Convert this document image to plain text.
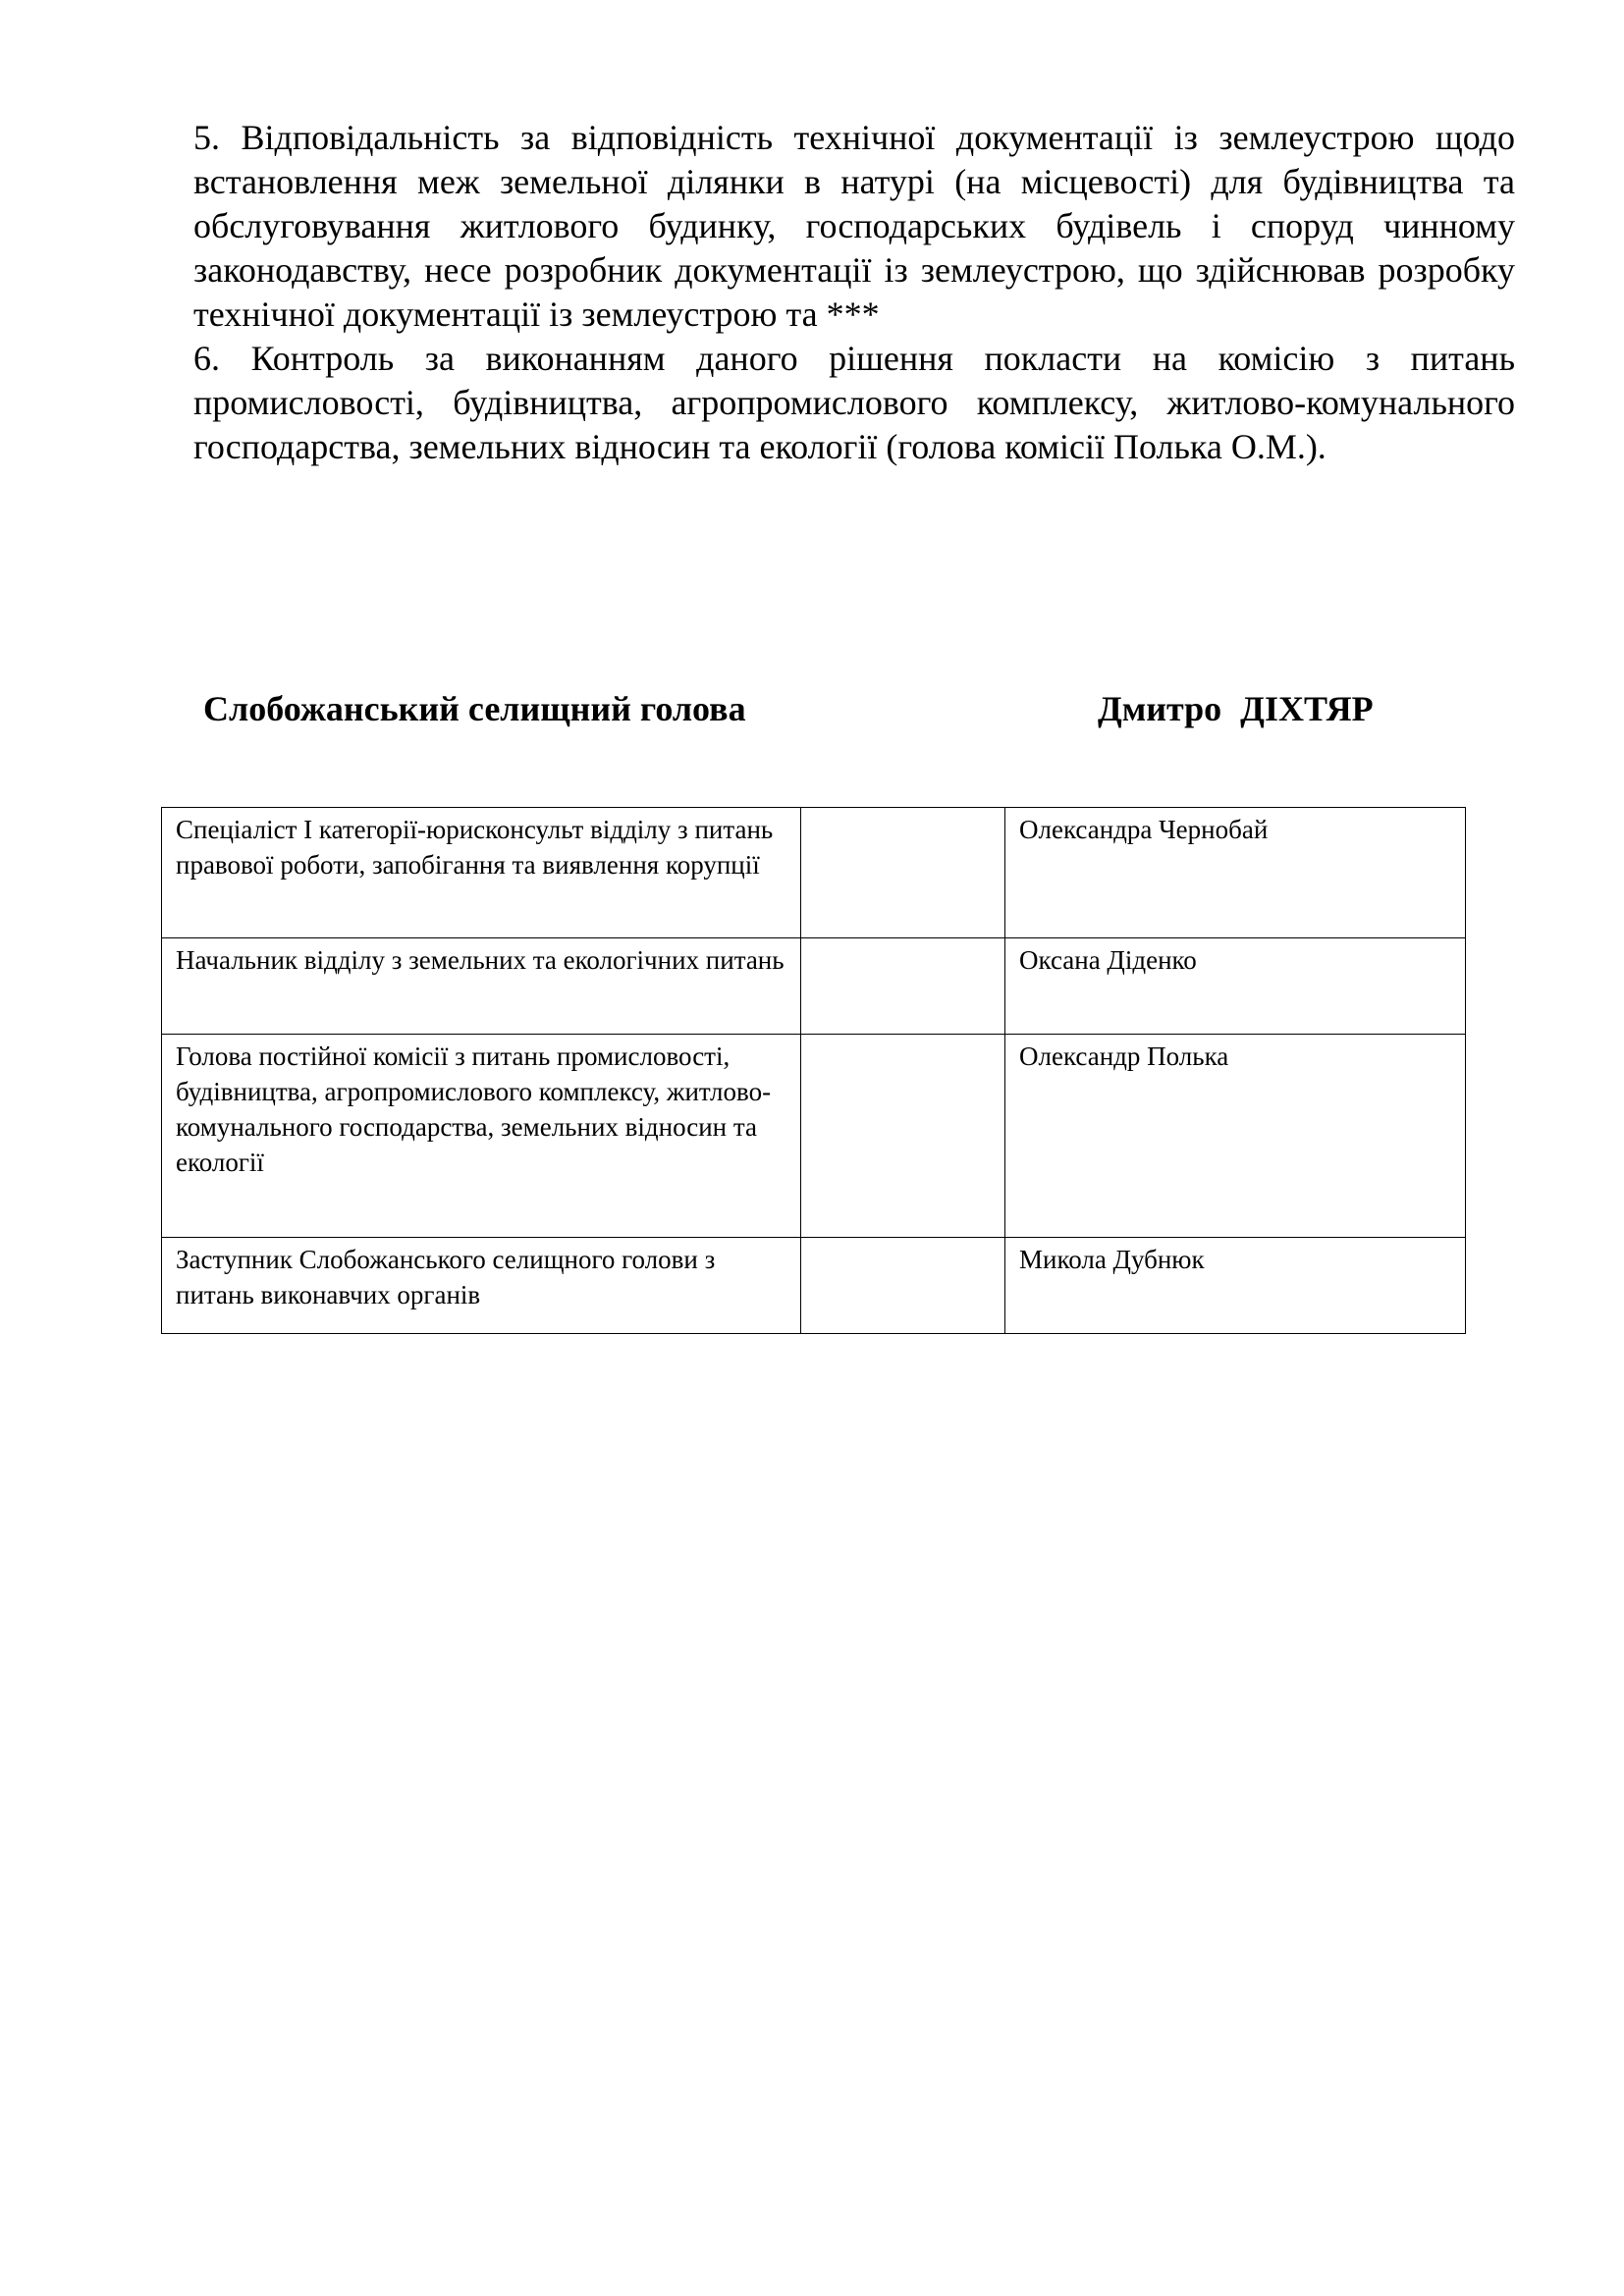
5. Відповідальність за відповідність технічної документації із землеустрою щодо встановлення меж земельної ділянки в натурі (на місцевості) для будівництва та обслуговування житлового будинку, господарських будівель і споруд чинному законодавству, несе розробник документації із землеустрою, що здійснював розробку технічної документації із землеустрою та ***

6. Контроль за виконанням даного рішення покласти на комісію з питань промисловості, будівництва, агропромислового комплексу, житлово-комунального господарства, земельних відносин та екології (голова комісії Полька О.М.).

Слобожанський селищний голова	Дмитро ДІХТЯР
Спеціаліст І категорії-юрисконсульт відділу з питань правової роботи, запобігання та виявлення корупції		Олександра Чернобай
Начальник відділу з земельних та екологічних питань		Оксана Діденко
Голова постійної комісії з питань промисловості, будівництва, агропромислового комплексу, житлово-комунального господарства, земельних відносин та екології		Олександр Полька
Заступник Слобожанського селищного голови з питань виконавчих органів		Микола Дубнюк
